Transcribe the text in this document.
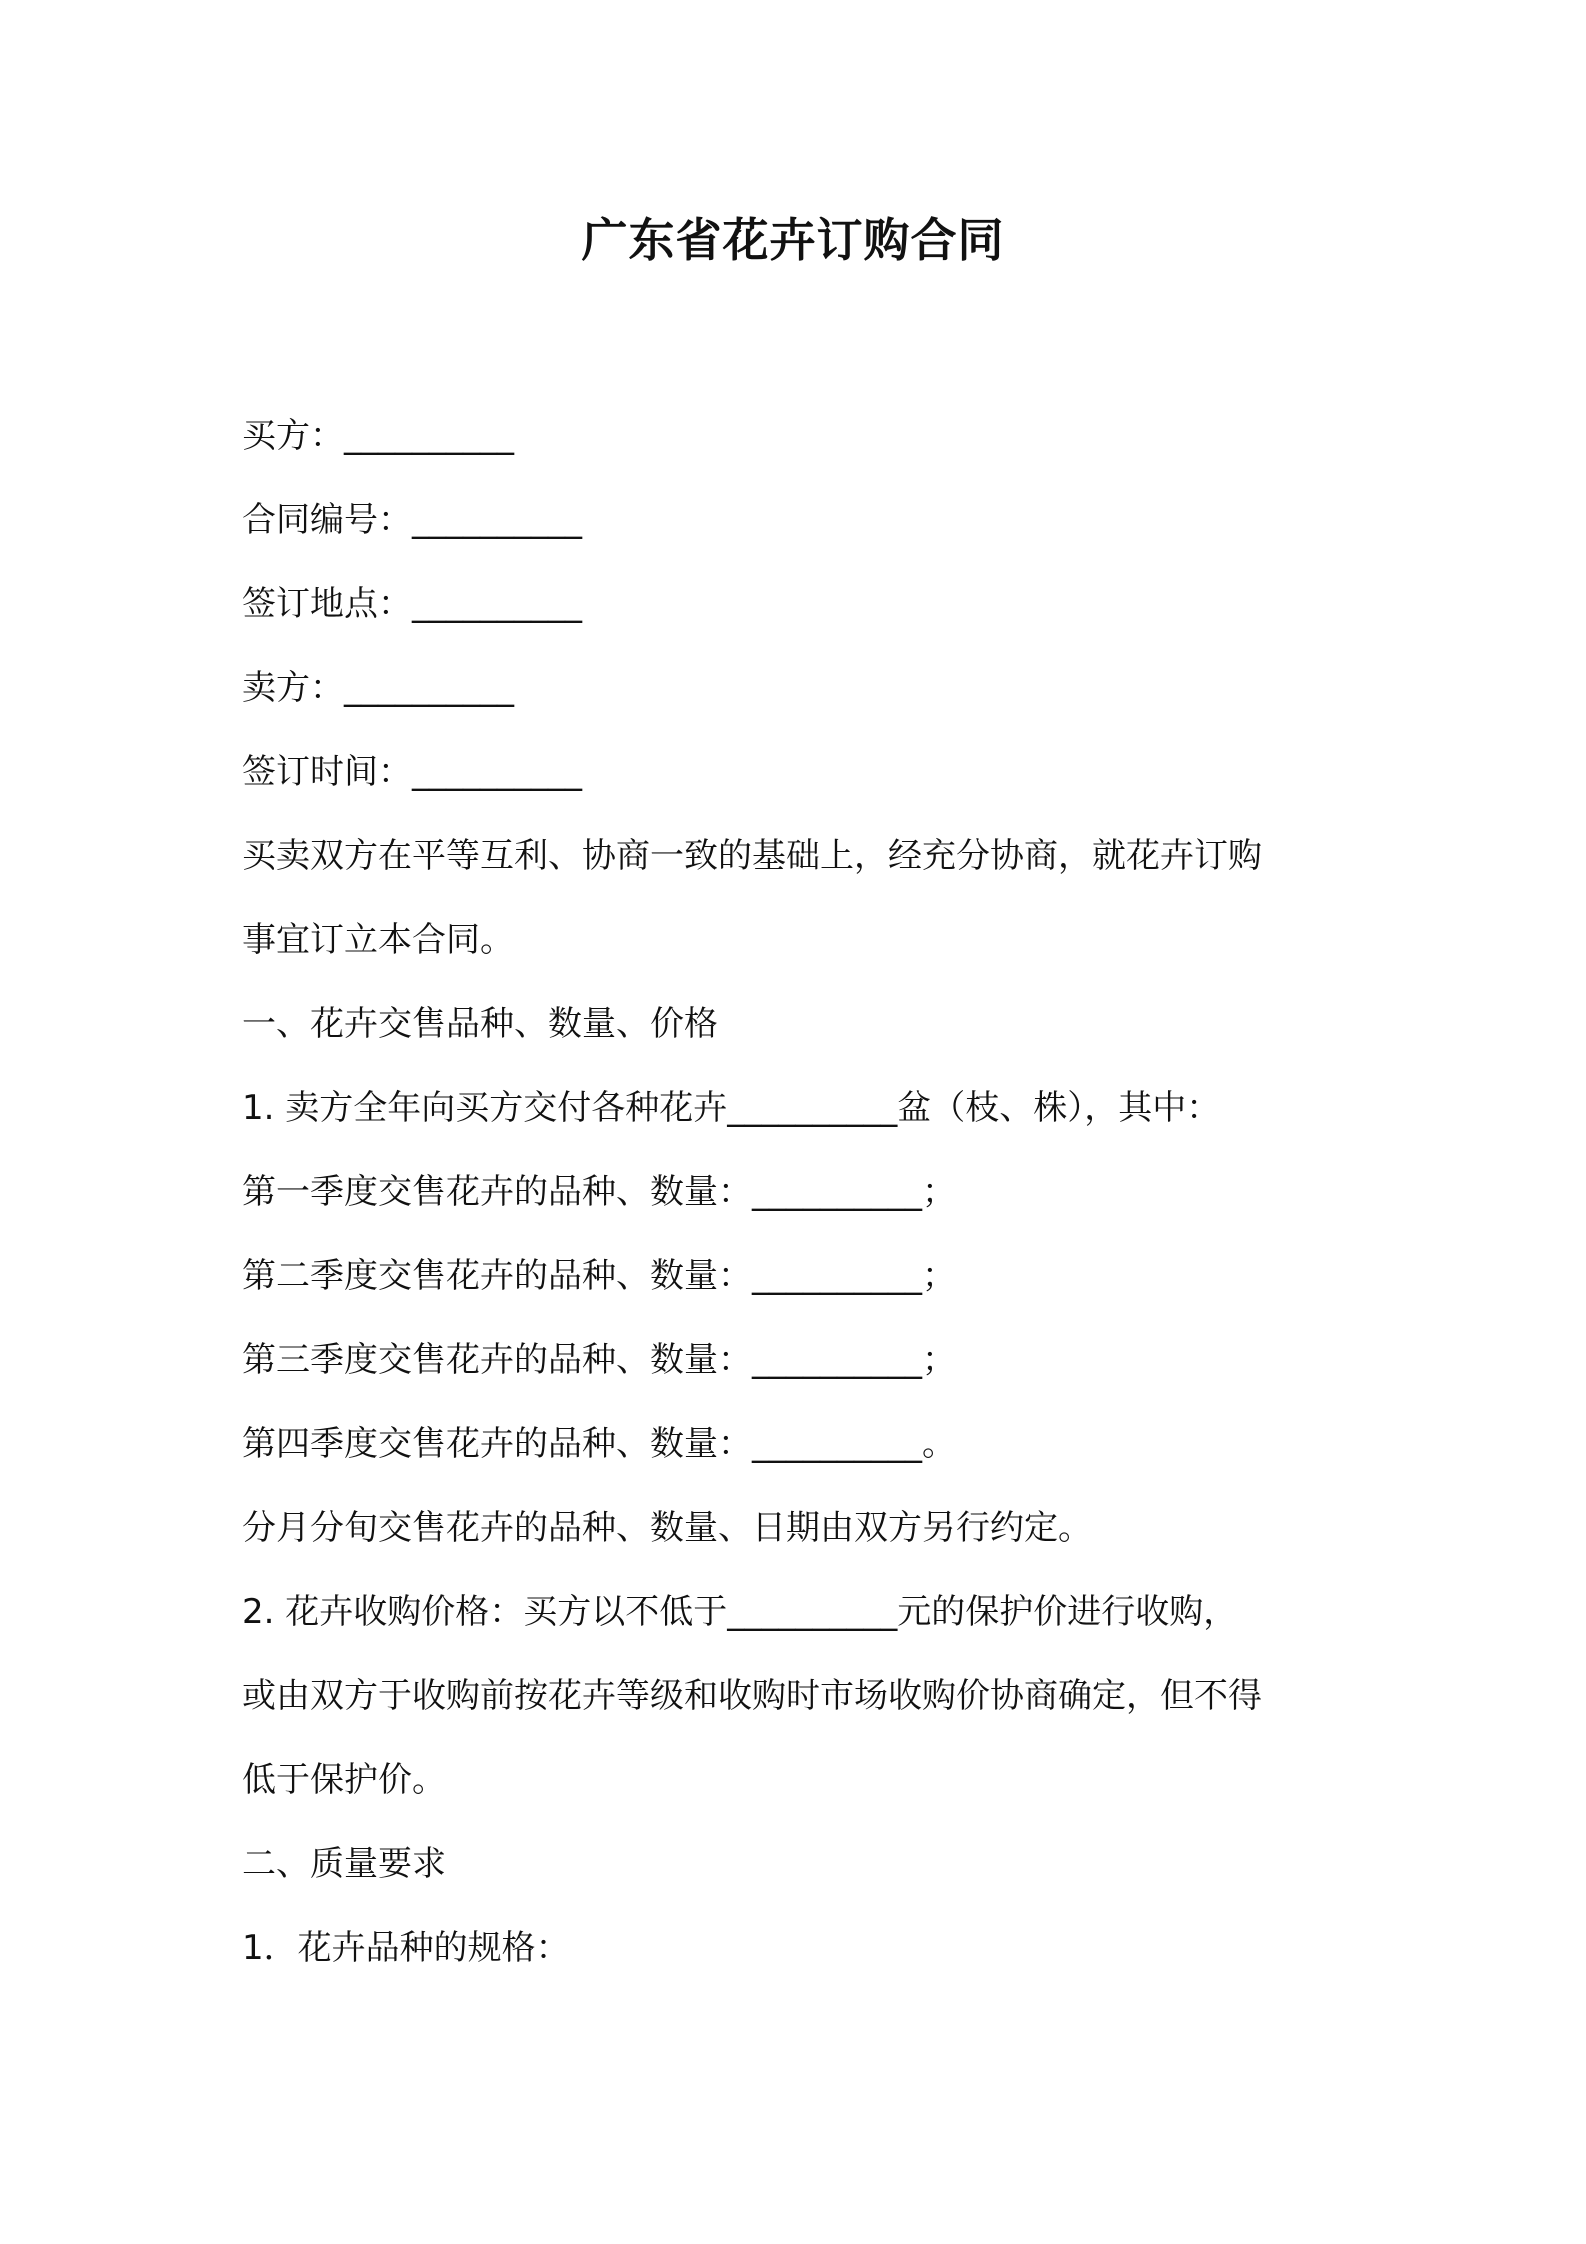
广东省花卉订购合同
买方：__________
合同编号：__________
签订地点：__________
卖方：__________
签订时间：__________
买卖双方在平等互利、协商一致的基础上，经充分协商，就花卉订购
事宜订立本合同。
一、花卉交售品种、数量、价格
1. 卖方全年向买方交付各种花卉__________盆（枝、株），其中：
第一季度交售花卉的品种、数量：__________；
第二季度交售花卉的品种、数量：__________；
第三季度交售花卉的品种、数量：__________；
第四季度交售花卉的品种、数量：__________。
分月分旬交售花卉的品种、数量、日期由双方另行约定。
2. 花卉收购价格：买方以不低于__________元的保护价进行收购，
或由双方于收购前按花卉等级和收购时市场收购价协商确定，但不得
低于保护价。
二、质量要求
1．花卉品种的规格：
